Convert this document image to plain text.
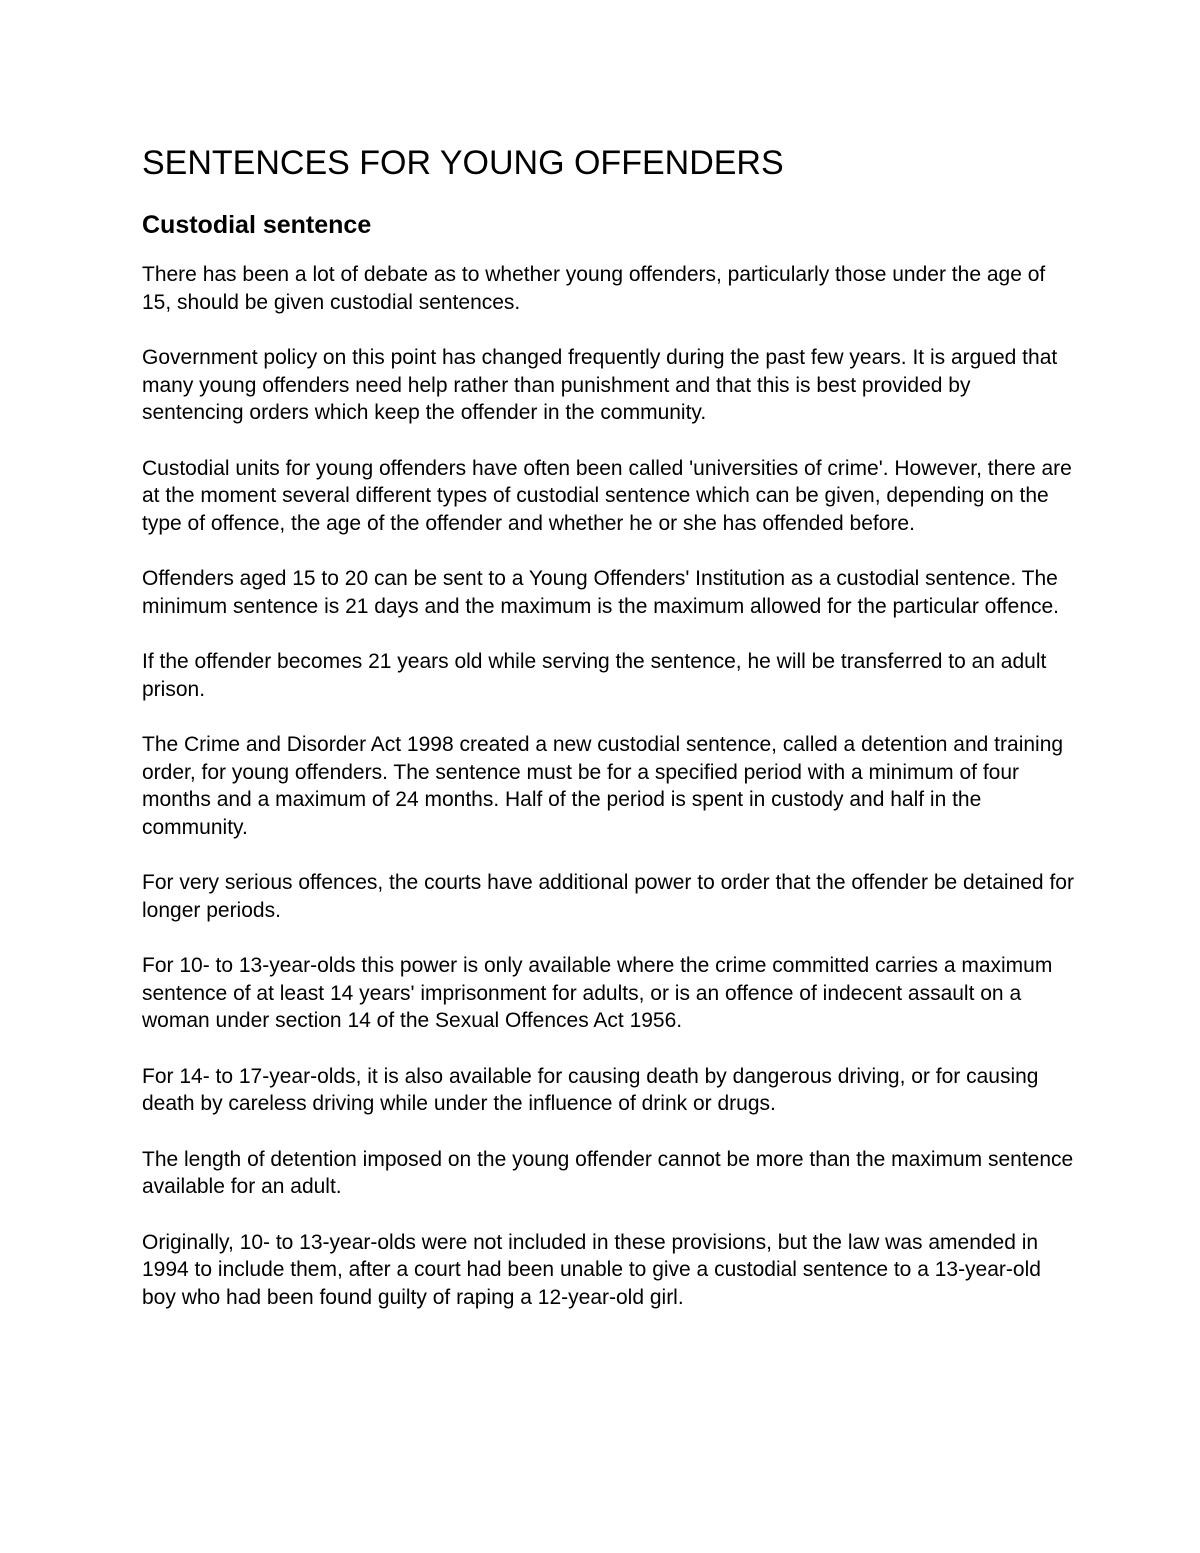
SENTENCES FOR YOUNG OFFENDERS
Custodial sentence

There has been a lot of debate as to whether young offenders, particularly those under the age of 15, should be given custodial sentences.

Government policy on this point has changed frequently during the past few years. It is argued that many young offenders need help rather than punishment and that this is best provided by sentencing orders which keep the offender in the community.

Custodial units for young offenders have often been called 'universities of crime'. However, there are at the moment several different types of custodial sentence which can be given, depending on the type of offence, the age of the offender and whether he or she has offended before.

Offenders aged 15 to 20 can be sent to a Young Offenders' Institution as a custodial sentence. The minimum sentence is 21 days and the maximum is the maximum allowed for the particular offence.

If the offender becomes 21 years old while serving the sentence, he will be transferred to an adult prison.

The Crime and Disorder Act 1998 created a new custodial sentence, called a detention and training order, for young offenders. The sentence must be for a specified period with a minimum of four months and a maximum of 24 months. Half of the period is spent in custody and half in the community.

For very serious offences, the courts have additional power to order that the offender be detained for longer periods.

For 10- to 13-year-olds this power is only available where the crime committed carries a maximum sentence of at least 14 years' imprisonment for adults, or is an offence of indecent assault on a woman under section 14 of the Sexual Offences Act 1956.

For 14- to 17-year-olds, it is also available for causing death by dangerous driving, or for causing death by careless driving while under the influence of drink or drugs.

The length of detention imposed on the young offender cannot be more than the maximum sentence available for an adult.

Originally, 10- to 13-year-olds were not included in these provisions, but the law was amended in 1994 to include them, after a court had been unable to give a custodial sentence to a 13-year-old boy who had been found guilty of raping a 12-year-old girl.
